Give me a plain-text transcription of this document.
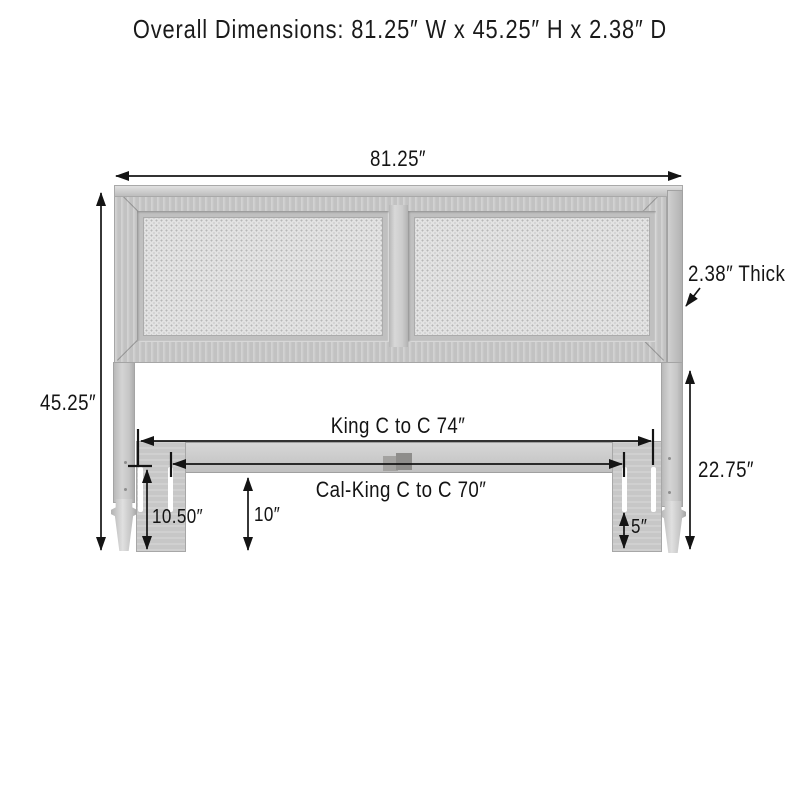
Overall Dimensions: 81.25″ W x 45.25″ H x 2.38″ D
81.25″
45.25″
2.38″ Thick
King C to C 74″
Cal-King C to C 70″
22.75″
10.50″	10″
5″
